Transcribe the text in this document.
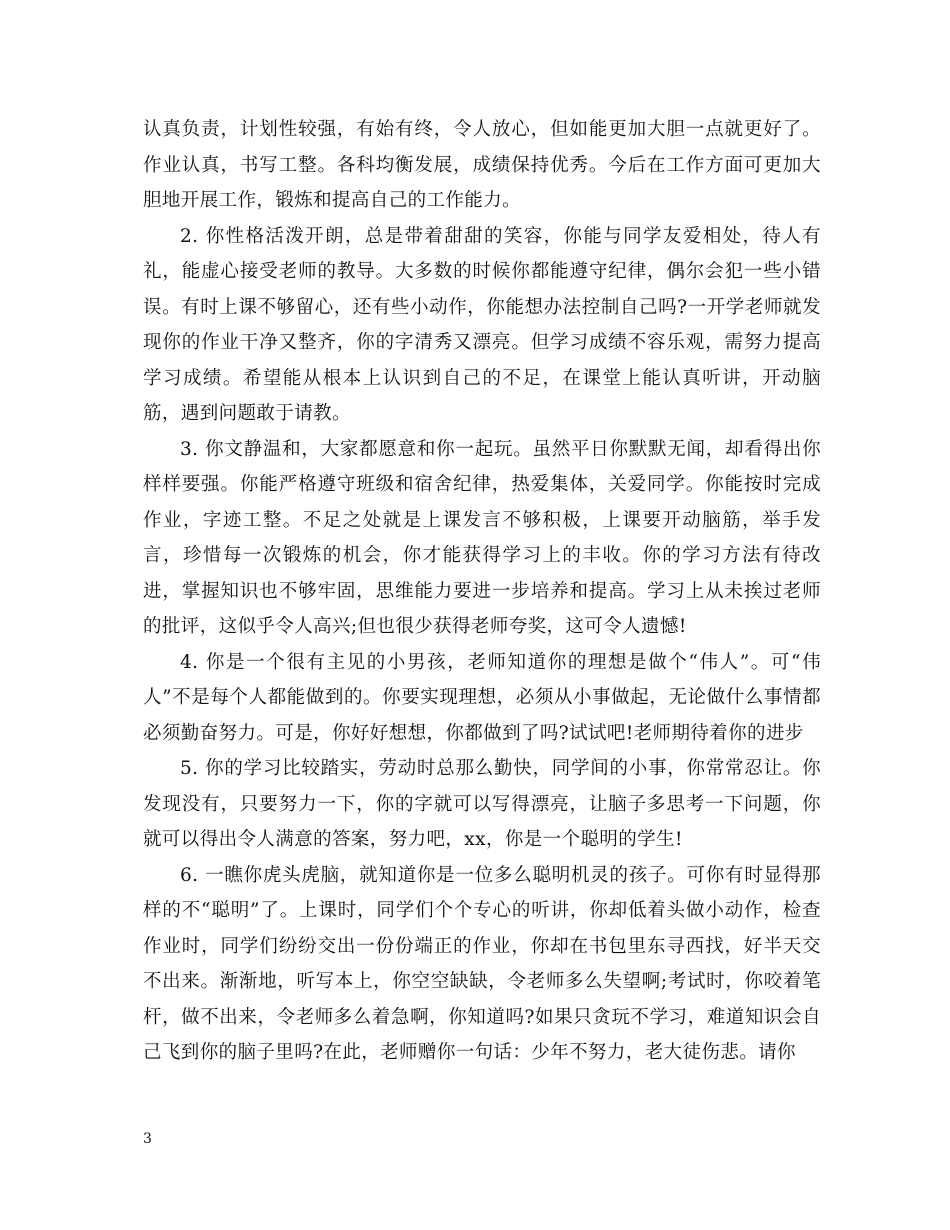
认真负责，计划性较强，有始有终，令人放心，但如能更加大胆一点就更好了。作业认真，书写工整。各科均衡发展，成绩保持优秀。今后在工作方面可更加大胆地开展工作，锻炼和提高自己的工作能力。

2. 你性格活泼开朗，总是带着甜甜的笑容，你能与同学友爱相处，待人有礼，能虚心接受老师的教导。大多数的时候你都能遵守纪律，偶尔会犯一些小错误。有时上课不够留心，还有些小动作，你能想办法控制自己吗?一开学老师就发现你的作业干净又整齐，你的字清秀又漂亮。但学习成绩不容乐观，需努力提高学习成绩。希望能从根本上认识到自己的不足，在课堂上能认真听讲，开动脑筋，遇到问题敢于请教。

3. 你文静温和，大家都愿意和你一起玩。虽然平日你默默无闻，却看得出你样样要强。你能严格遵守班级和宿舍纪律，热爱集体，关爱同学。你能按时完成作业，字迹工整。不足之处就是上课发言不够积极，上课要开动脑筋，举手发言，珍惜每一次锻炼的机会，你才能获得学习上的丰收。你的学习方法有待改进，掌握知识也不够牢固，思维能力要进一步培养和提高。学习上从未挨过老师的批评，这似乎令人高兴;但也很少获得老师夸奖，这可令人遗憾!

4. 你是一个很有主见的小男孩，老师知道你的理想是做个“伟人”。可“伟人”不是每个人都能做到的。你要实现理想，必须从小事做起，无论做什么事情都必须勤奋努力。可是，你好好想想，你都做到了吗?试试吧!老师期待着你的进步

5. 你的学习比较踏实，劳动时总那么勤快，同学间的小事，你常常忍让。你发现没有，只要努力一下，你的字就可以写得漂亮，让脑子多思考一下问题，你就可以得出令人满意的答案，努力吧，xx，你是一个聪明的学生!

6. 一瞧你虎头虎脑，就知道你是一位多么聪明机灵的孩子。可你有时显得那样的不“聪明”了。上课时，同学们个个专心的听讲，你却低着头做小动作，检查作业时，同学们纷纷交出一份份端正的作业，你却在书包里东寻西找，好半天交不出来。渐渐地，听写本上，你空空缺缺，令老师多么失望啊;考试时，你咬着笔杆，做不出来，令老师多么着急啊，你知道吗?如果只贪玩不学习，难道知识会自己飞到你的脑子里吗?在此，老师赠你一句话：少年不努力，老大徒伤悲。请你

3
